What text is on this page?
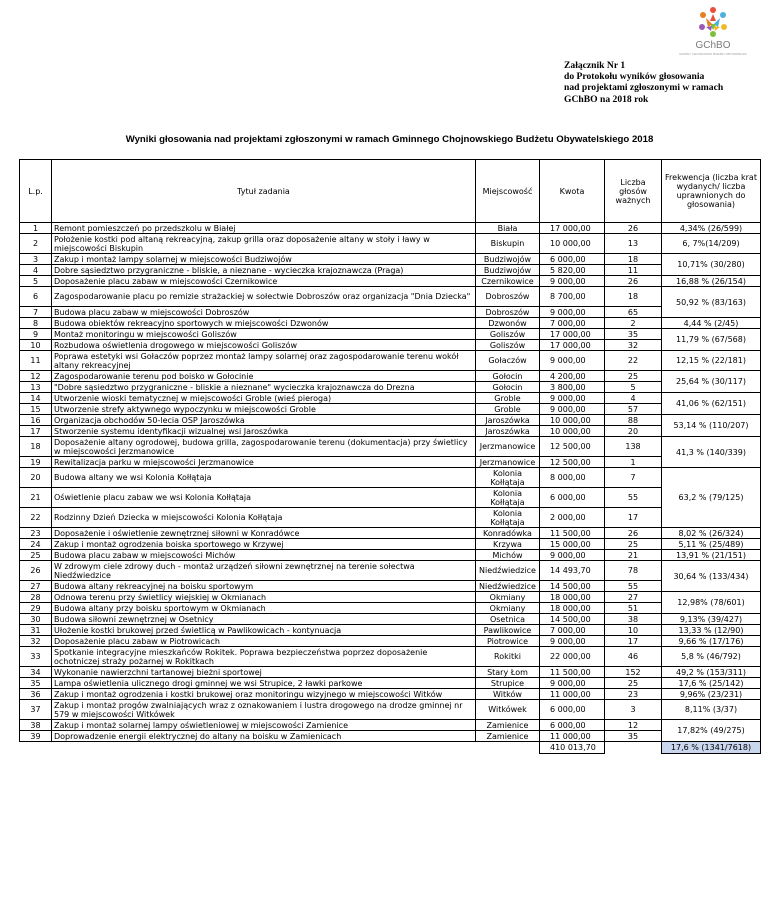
GChBO
GMINNY CHOJNOWSKI BUDŻET OBYWATELSKI
Załącznik Nr 1
do Protokołu wyników głosowania
nad projektami zgłoszonymi w ramach
GChBO na 2018 rok
Wyniki głosowania nad projektami zgłoszonymi w ramach Gminnego Chojnowskiego Budżetu Obywatelskiego 2018
L.p.	Tytuł zadania	Miejscowość	Kwota	Liczba głosów ważnych	Frekwencja (liczba krat wydanych/ liczba uprawnionych do głosowania)
1	Remont pomieszczeń po przedszkolu w Białej	Biała	17 000,00	26	4,34% (26/599)
2	Położenie kostki pod altaną rekreacyjną, zakup grilla oraz doposażenie altany w stoły i ławy w miejscowości Biskupin	Biskupin	10 000,00	13	6, 7%(14/209)
3	Zakup i montaż lampy solarnej w miejscowości Budziwojów	Budziwojów	6 000,00	18	10,71% (30/280)
4	Dobre sąsiedztwo przygraniczne - bliskie, a nieznane - wycieczka krajoznawcza (Praga)	Budziwojów	5 820,00	11	
5	Doposażenie placu zabaw w miejscowości Czernikowice	Czernikowice	9 000,00	26	16,88 % (26/154)
6	Zagospodarowanie placu po remizie strażackiej w sołectwie Dobroszów oraz organizacja "Dnia Dziecka"	Dobroszów	8 700,00	18	50,92 % (83/163)
7	Budowa placu zabaw w miejscowości Dobroszów	Dobroszów	9 000,00	65	
8	Budowa obiektów rekreacyjno sportowych w miejscowości Dzwonów	Dzwonów	7 000,00	2	4,44 % (2/45)
9	Montaż monitoringu w miejscowości Goliszów	Goliszów	17 000,00	35	11,79 % (67/568)
10	Rozbudowa oświetlenia drogowego w miejscowości Goliszów	Goliszów	17 000,00	32	
11	Poprawa estetyki wsi Gołaczów poprzez montaż lampy solarnej oraz zagospodarowanie terenu wokół altany rekreacyjnej	Gołaczów	9 000,00	22	12,15 % (22/181)
12	Zagospodarowanie terenu pod boisko w Gołocinie	Gołocin	4 200,00	25	25,64 % (30/117)
13	"Dobre sąsiedztwo przygraniczne - bliskie a nieznane" wycieczka krajoznawcza do Drezna	Gołocin	3 800,00	5	
14	Utworzenie wioski tematycznej w miejscowości Groble (wieś pieroga)	Groble	9 000,00	4	41,06 % (62/151)
15	Utworzenie strefy aktywnego wypoczynku w miejscowości Groble	Groble	9 000,00	57	
16	Organizacja obchodów 50-lecia OSP Jaroszówka	Jaroszówka	10 000,00	88	53,14 % (110/207)
17	Stworzenie systemu identyfikacji wizualnej wsi Jaroszówka	Jaroszówka	10 000,00	20	
18	Doposażenie altany ogrodowej, budowa grilla, zagospodarowanie terenu (dokumentacja) przy świetlicy w miejscowości Jerzmanowice	Jerzmanowice	12 500,00	138	41,3 % (140/339)
19	Rewitalizacja parku w miejscowości Jerzmanowice	Jerzmanowice	12 500,00	1	
20	Budowa altany we wsi Kolonia Kołłątaja	Kolonia Kołłątaja	8 000,00	7	63,2 % (79/125)
21	Oświetlenie placu zabaw we wsi Kolonia Kołłątaja	Kolonia Kołłątaja	6 000,00	55	
22	Rodzinny Dzień Dziecka w miejscowości Kolonia Kołłątaja	Kolonia Kołłątaja	2 000,00	17	
23	Doposażenie i oświetlenie zewnętrznej siłowni w Konradówce	Konradówka	11 500,00	26	8,02 % (26/324)
24	Zakup i montaż ogrodzenia boiska sportowego w Krzywej	Krzywa	15 000,00	25	5,11 % (25/489)
25	Budowa placu zabaw w miejscowości Michów	Michów	9 000,00	21	13,91 % (21/151)
26	W zdrowym ciele zdrowy duch - montaż urządzeń siłowni zewnętrznej na terenie sołectwa Niedźwiedzice	Niedźwiedzice	14 493,70	78	30,64 % (133/434)
27	Budowa altany rekreacyjnej na boisku sportowym	Niedźwiedzice	14 500,00	55	
28	Odnowa terenu przy świetlicy wiejskiej w Okmianach	Okmiany	18 000,00	27	12,98% (78/601)
29	Budowa altany przy boisku sportowym w Okmianach	Okmiany	18 000,00	51	
30	Budowa siłowni zewnętrznej w Osetnicy	Osetnica	14 500,00	38	9,13% (39/427)
31	Ułożenie kostki brukowej przed świetlicą w Pawlikowicach - kontynuacja	Pawlikowice	7 000,00	10	13,33 % (12/90)
32	Doposażenie placu zabaw w Piotrowicach	Piotrowice	9 000,00	17	9,66 % (17/176)
33	Spotkanie integracyjne mieszkańców Rokitek. Poprawa bezpieczeństwa poprzez doposażenie ochotniczej straży pożarnej w Rokitkach	Rokitki	22 000,00	46	5,8 % (46/792)
34	Wykonanie nawierzchni tartanowej bieżni sportowej	Stary Łom	11 500,00	152	49,2 % (153/311)
35	Lampa oświetlenia ulicznego drogi gminnej we wsi Strupice, 2 ławki parkowe	Strupice	9 000,00	25	17,6 % (25/142)
36	Zakup i montaż ogrodzenia i kostki brukowej oraz monitoringu wizyjnego w miejscowości Witków	Witków	11 000,00	23	9,96% (23/231)
37	Zakup i montaż progów zwalniających wraz z oznakowaniem i lustra drogowego na drodze gminnej nr 579 w miejscowości Witkówek	Witkówek	6 000,00	3	8,11% (3/37)
38	Zakup i montaż solarnej lampy oświetleniowej w miejscowości Zamienice	Zamienice	6 000,00	12	17,82% (49/275)
39	Doprowadzenie energii elektrycznej do altany na boisku w Zamienicach	Zamienice	11 000,00	35	
			410 013,70		17,6 % (1341/7618)
